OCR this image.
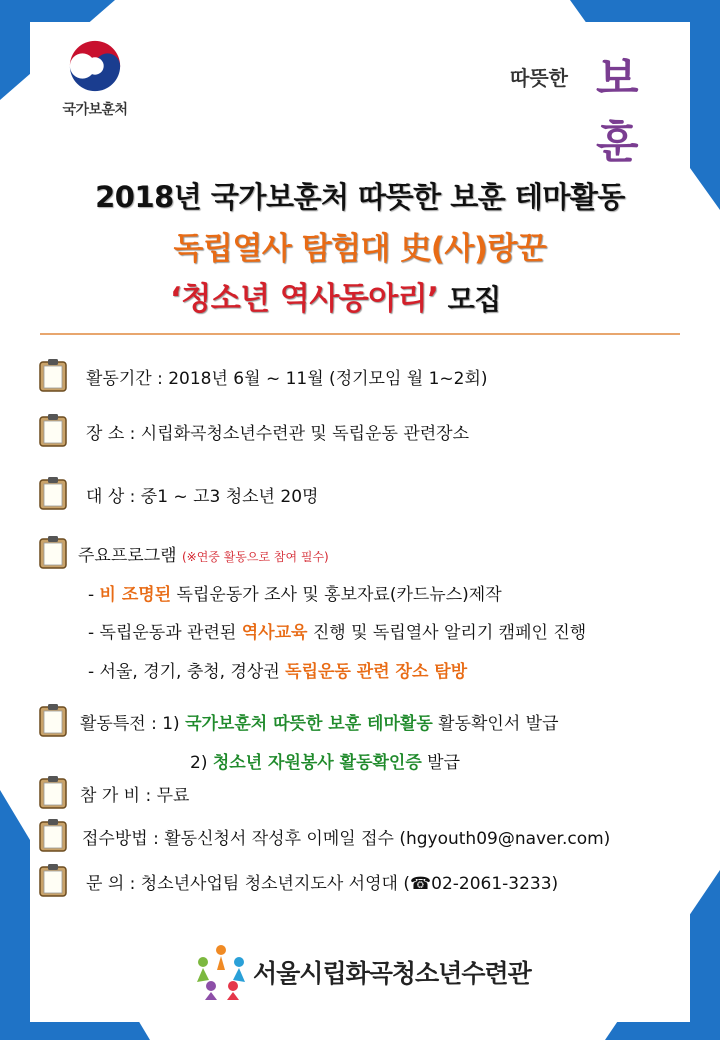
국가보훈처
따뜻한 보훈
2018년 국가보훈처 따뜻한 보훈 테마활동
독립열사 탐험대 史(사)랑꾼
‘청소년 역사동아리’ 모집
활동기간 : 2018년 6월 ~ 11월 (정기모임 월 1~2회)
장 소 : 시립화곡청소년수련관 및 독립운동 관련장소
대 상 : 중1 ~ 고3 청소년 20명
주요프로그램 (※연중 활동으로 참여 필수)
- 비 조명된 독립운동가 조사 및 홍보자료(카드뉴스)제작
- 독립운동과 관련된 역사교육 진행 및 독립열사 알리기 캠페인 진행
- 서울, 경기, 충청, 경상권 독립운동 관련 장소 탐방
활동특전 : 1) 국가보훈처 따뜻한 보훈 테마활동 활동확인서 발급
2) 청소년 자원봉사 활동확인증 발급
참 가 비 : 무료
접수방법 : 활동신청서 작성후 이메일 접수 (hgyouth09@naver.com)
문 의 : 청소년사업팀 청소년지도사 서영대 (☎02-2061-3233)
서울시립화곡청소년수련관
